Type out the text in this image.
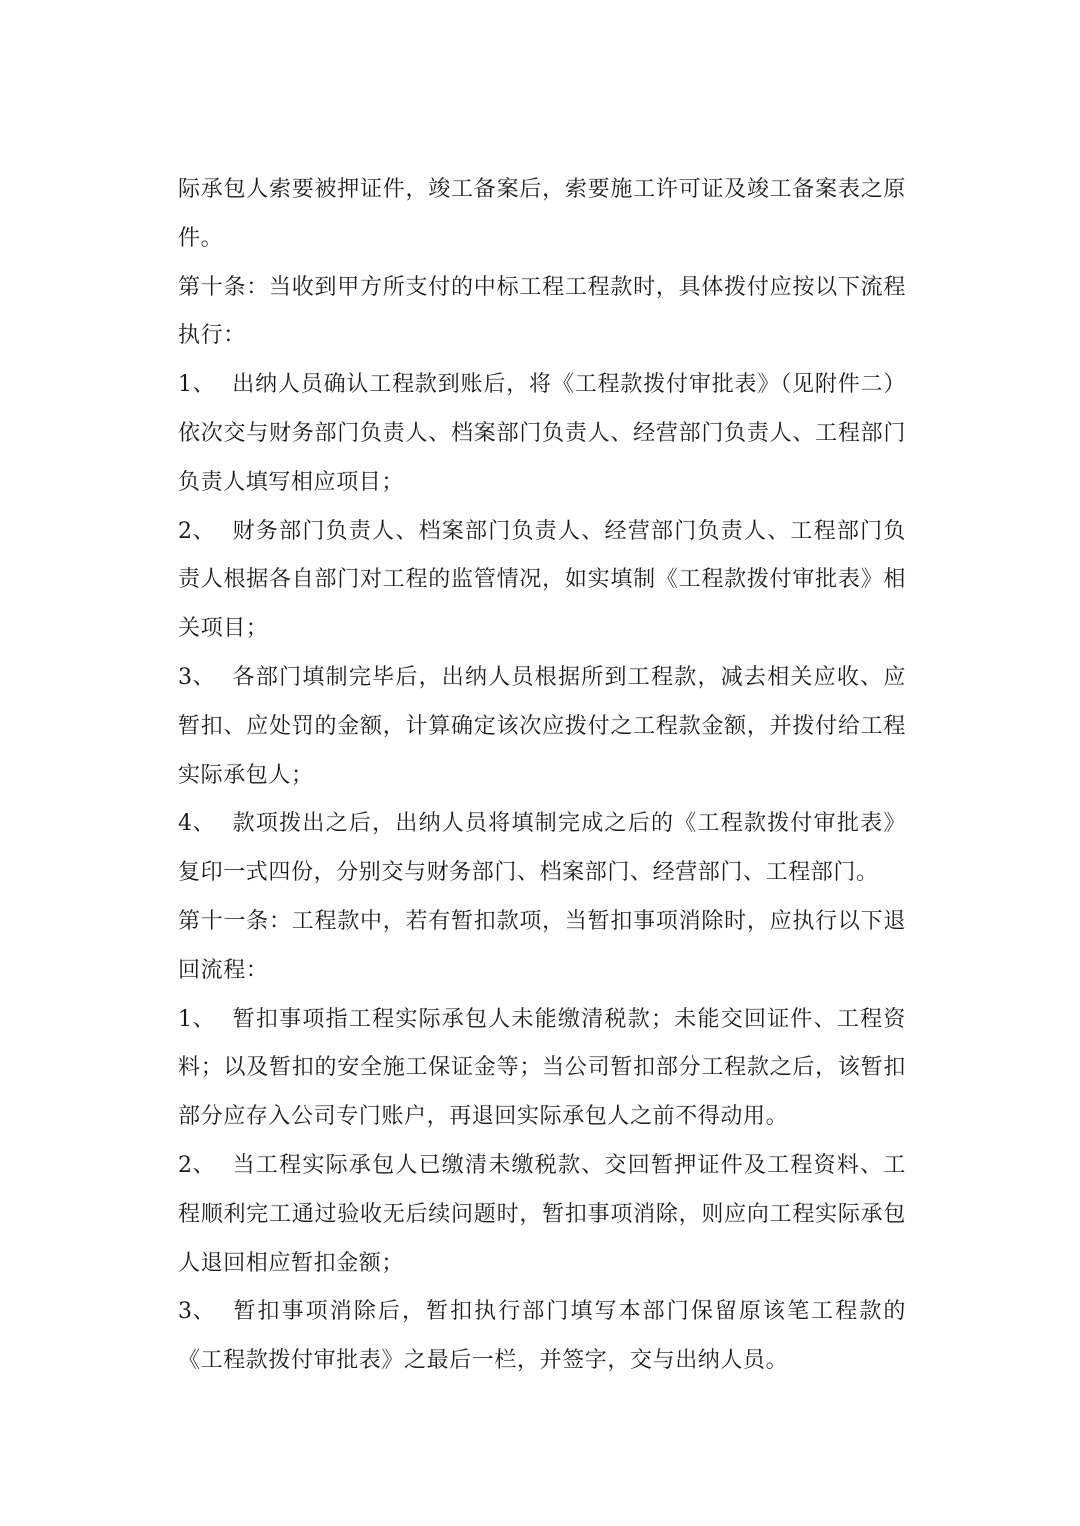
际承包人索要被押证件，竣工备案后，索要施工许可证及竣工备案表之原件。

第十条：当收到甲方所支付的中标工程工程款时，具体拨付应按以下流程执行：

1、 出纳人员确认工程款到账后，将《工程款拨付审批表》（见附件二）依次交与财务部门负责人、档案部门负责人、经营部门负责人、工程部门负责人填写相应项目；

2、 财务部门负责人、档案部门负责人、经营部门负责人、工程部门负责人根据各自部门对工程的监管情况，如实填制《工程款拨付审批表》相关项目；

3、 各部门填制完毕后，出纳人员根据所到工程款，减去相关应收、应暂扣、应处罚的金额，计算确定该次应拨付之工程款金额，并拨付给工程实际承包人；

4、 款项拨出之后，出纳人员将填制完成之后的《工程款拨付审批表》复印一式四份，分别交与财务部门、档案部门、经营部门、工程部门。

第十一条：工程款中，若有暂扣款项，当暂扣事项消除时，应执行以下退回流程：

1、 暂扣事项指工程实际承包人未能缴清税款；未能交回证件、工程资料；以及暂扣的安全施工保证金等；当公司暂扣部分工程款之后，该暂扣部分应存入公司专门账户，再退回实际承包人之前不得动用。

2、 当工程实际承包人已缴清未缴税款、交回暂押证件及工程资料、工程顺利完工通过验收无后续问题时，暂扣事项消除，则应向工程实际承包人退回相应暂扣金额；

3、 暂扣事项消除后，暂扣执行部门填写本部门保留原该笔工程款的《工程款拨付审批表》之最后一栏，并签字，交与出纳人员。
